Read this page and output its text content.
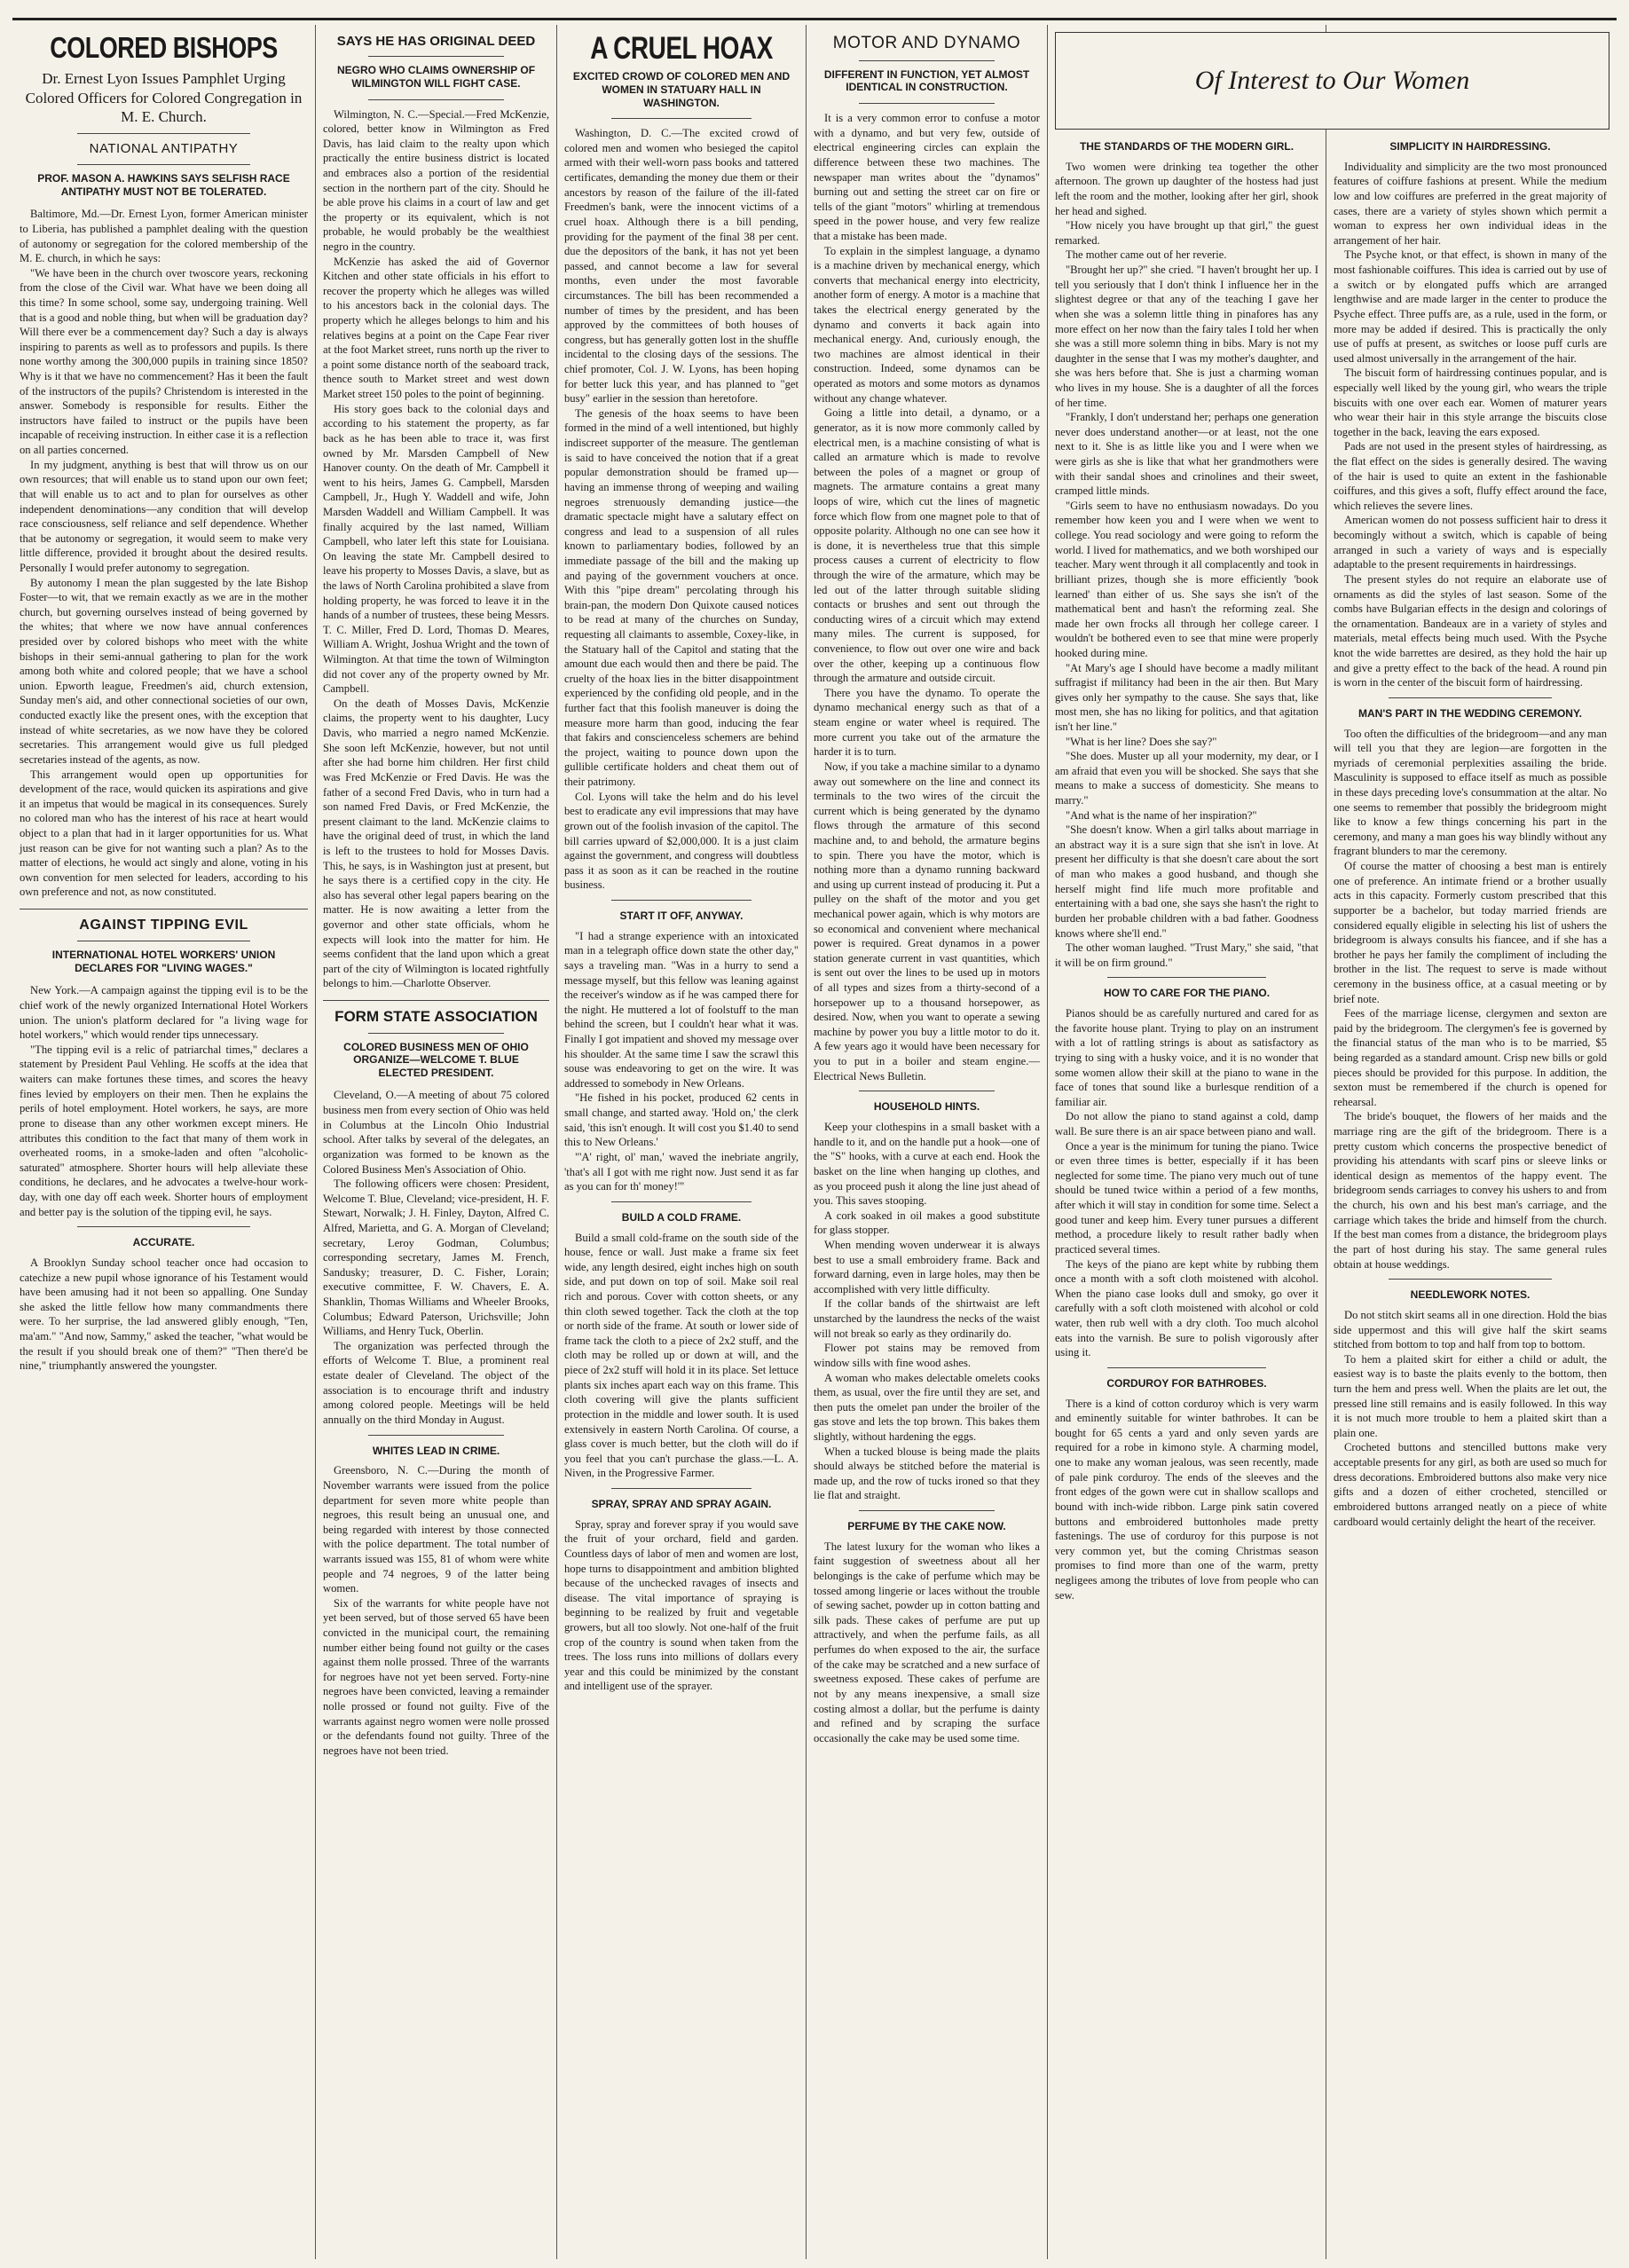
COLORED BISHOPS
Dr. Ernest Lyon Issues Pamphlet Urging Colored Officers for Colored Congregation in M. E. Church.
NATIONAL ANTIPATHY
PROF. MASON A. HAWKINS SAYS SELFISH RACE ANTIPATHY MUST NOT BE TOLERATED.

Baltimore, Md.—Dr. Ernest Lyon, former American minister to Liberia, has published a pamphlet dealing with the question of autonomy or segregation for the colored membership of the M. E. church, in which he says:

"We have been in the church over twoscore years, reckoning from the close of the Civil war. What have we been doing all this time? In some school, some say, undergoing training. Well that is a good and noble thing, but when will be graduation day? Will there ever be a commencement day? Such a day is always inspiring to parents as well as to professors and pupils. Is there none worthy among the 300,000 pupils in training since 1850? Why is it that we have no commencement? Has it been the fault of the instructors of the pupils? Christendom is interested in the answer. Somebody is responsible for results. Either the instructors have failed to instruct or the pupils have been incapable of receiving instruction. In either case it is a reflection on all parties concerned.

In my judgment, anything is best that will throw us on our own resources; that will enable us to stand upon our own feet; that will enable us to act and to plan for ourselves as other independent denominations—any condition that will develop race consciousness, self reliance and self dependence. Whether that be autonomy or segregation, it would seem to make very little difference, provided it brought about the desired results. Personally I would prefer autonomy to segregation.

By autonomy I mean the plan suggested by the late Bishop Foster—to wit, that we remain exactly as we are in the mother church, but governing ourselves instead of being governed by the whites; that where we now have annual conferences presided over by colored bishops who meet with the white bishops in their semi-annual gathering to plan for the work among both white and colored people; that we have a school union. Epworth league, Freedmen's aid, church extension, Sunday men's aid, and other connectional societies of our own, conducted exactly like the present ones, with the exception that instead of white secretaries, as we now have they be colored secretaries. This arrangement would give us full pledged secretaries instead of the agents, as now.

This arrangement would open up opportunities for development of the race, would quicken its aspirations and give it an impetus that would be magical in its consequences. Surely no colored man who has the interest of his race at heart would object to a plan that had in it larger opportunities for us. What just reason can be give for not wanting such a plan? As to the matter of elections, he would act singly and alone, voting in his own convention for men selected for leaders, according to his own preference and not, as now constituted.

AGAINST TIPPING EVIL
INTERNATIONAL HOTEL WORKERS' UNION DECLARES FOR "LIVING WAGES."

New York.—A campaign against the tipping evil is to be the chief work of the newly organized International Hotel Workers union. The union's platform declared for "a living wage for hotel workers," which would render tips unnecessary.

"The tipping evil is a relic of patriarchal times," declares a statement by President Paul Vehling. He scoffs at the idea that waiters can make fortunes these times, and scores the heavy fines levied by employers on their men. Then he explains the perils of hotel employment. Hotel workers, he says, are more prone to disease than any other workmen except miners. He attributes this condition to the fact that many of them work in overheated rooms, in a smoke-laden and often "alcoholic-saturated" atmosphere. Shorter hours will help alleviate these conditions, he declares, and he advocates a twelve-hour work-day, with one day off each week. Shorter hours of employment and better pay is the solution of the tipping evil, he says.

ACCURATE.

A Brooklyn Sunday school teacher once had occasion to catechize a new pupil whose ignorance of his Testament would have been amusing had it not been so appalling. One Sunday she asked the little fellow how many commandments there were. To her surprise, the lad answered glibly enough, "Ten, ma'am." "And now, Sammy," asked the teacher, "what would be the result if you should break one of them?" "Then there'd be nine," triumphantly answered the youngster.

SAYS HE HAS ORIGINAL DEED
NEGRO WHO CLAIMS OWNERSHIP OF WILMINGTON WILL FIGHT CASE.

Wilmington, N. C.—Special.—Fred McKenzie, colored, better know in Wilmington as Fred Davis, has laid claim to the realty upon which practically the entire business district is located and embraces also a portion of the residential section in the northern part of the city. Should he be able prove his claims in a court of law and get the property or its equivalent, which is not probable, he would probably be the wealthiest negro in the country.

McKenzie has asked the aid of Governor Kitchen and other state officials in his effort to recover the property which he alleges was willed to his ancestors back in the colonial days. The property which he alleges belongs to him and his relatives begins at a point on the Cape Fear river at the foot Market street, runs north up the river to a point some distance north of the seaboard track, thence south to Market street and west down Market street 150 poles to the point of beginning.

His story goes back to the colonial days and according to his statement the property, as far back as he has been able to trace it, was first owned by Mr. Marsden Campbell of New Hanover county. On the death of Mr. Campbell it went to his heirs, James G. Campbell, Marsden Campbell, Jr., Hugh Y. Waddell and wife, John Marsden Waddell and William Campbell. It was finally acquired by the last named, William Campbell, who later left this state for Louisiana. On leaving the state Mr. Campbell desired to leave his property to Mosses Davis, a slave, but as the laws of North Carolina prohibited a slave from holding property, he was forced to leave it in the hands of a number of trustees, these being Messrs. T. C. Miller, Fred D. Lord, Thomas D. Meares, William A. Wright, Joshua Wright and the town of Wilmington. At that time the town of Wilmington did not cover any of the property owned by Mr. Campbell.

On the death of Mosses Davis, McKenzie claims, the property went to his daughter, Lucy Davis, who married a negro named McKenzie. She soon left McKenzie, however, but not until after she had borne him children. Her first child was Fred McKenzie or Fred Davis. He was the father of a second Fred Davis, who in turn had a son named Fred Davis, or Fred McKenzie, the present claimant to the land. McKenzie claims to have the original deed of trust, in which the land is left to the trustees to hold for Mosses Davis. This, he says, is in Washington just at present, but he says there is a certified copy in the city. He also has several other legal papers bearing on the matter. He is now awaiting a letter from the governor and other state officials, whom he expects will look into the matter for him. He seems confident that the land upon which a great part of the city of Wilmington is located rightfully belongs to him.—Charlotte Observer.

FORM STATE ASSOCIATION
COLORED BUSINESS MEN OF OHIO ORGANIZE—WELCOME T. BLUE ELECTED PRESIDENT.

Cleveland, O.—A meeting of about 75 colored business men from every section of Ohio was held in Columbus at the Lincoln Ohio Industrial school. After talks by several of the delegates, an organization was formed to be known as the Colored Business Men's Association of Ohio.

The following officers were chosen: President, Welcome T. Blue, Cleveland; vice-president, H. F. Stewart, Norwalk; J. H. Finley, Dayton, Alfred C. Alfred, Marietta, and G. A. Morgan of Cleveland; secretary, Leroy Godman, Columbus; corresponding secretary, James M. French, Sandusky; treasurer, D. C. Fisher, Lorain; executive committee, F. W. Chavers, E. A. Shanklin, Thomas Williams and Wheeler Brooks, Columbus; Edward Paterson, Urichsville; John Williams, and Henry Tuck, Oberlin.

The organization was perfected through the efforts of Welcome T. Blue, a prominent real estate dealer of Cleveland. The object of the association is to encourage thrift and industry among colored people. Meetings will be held annually on the third Monday in August.

WHITES LEAD IN CRIME.

Greensboro, N. C.—During the month of November warrants were issued from the police department for seven more white people than negroes, this result being an unusual one, and being regarded with interest by those connected with the police department. The total number of warrants issued was 155, 81 of whom were white people and 74 negroes, 9 of the latter being women.

Six of the warrants for white people have not yet been served, but of those served 65 have been convicted in the municipal court, the remaining number either being found not guilty or the cases against them nolle prossed. Three of the warrants for negroes have not yet been served. Forty-nine negroes have been convicted, leaving a remainder nolle prossed or found not guilty. Five of the warrants against negro women were nolle prossed or the defendants found not guilty. Three of the negroes have not been tried.

A CRUEL HOAX
EXCITED CROWD OF COLORED MEN AND WOMEN IN STATUARY HALL IN WASHINGTON.

Washington, D. C.—The excited crowd of colored men and women who besieged the capitol armed with their well-worn pass books and tattered certificates, demanding the money due them or their ancestors by reason of the failure of the ill-fated Freedmen's bank, were the innocent victims of a cruel hoax. Although there is a bill pending, providing for the payment of the final 38 per cent. due the depositors of the bank, it has not yet been passed, and cannot become a law for several months, even under the most favorable circumstances. The bill has been recommended a number of times by the president, and has been approved by the committees of both houses of congress, but has generally gotten lost in the shuffle incidental to the closing days of the sessions. The chief promoter, Col. J. W. Lyons, has been hoping for better luck this year, and has planned to "get busy" earlier in the session than heretofore.

The genesis of the hoax seems to have been formed in the mind of a well intentioned, but highly indiscreet supporter of the measure. The gentleman is said to have conceived the notion that if a great popular demonstration should be framed up—having an immense throng of weeping and wailing negroes strenuously demanding justice—the dramatic spectacle might have a salutary effect on congress and lead to a suspension of all rules known to parliamentary bodies, followed by an immediate passage of the bill and the making up and paying of the government vouchers at once. With this "pipe dream" percolating through his brain-pan, the modern Don Quixote caused notices to be read at many of the churches on Sunday, requesting all claimants to assemble, Coxey-like, in the Statuary hall of the Capitol and stating that the amount due each would then and there be paid. The cruelty of the hoax lies in the bitter disappointment experienced by the confiding old people, and in the further fact that this foolish maneuver is doing the measure more harm than good, inducing the fear that fakirs and conscienceless schemers are behind the project, waiting to pounce down upon the gullible certificate holders and cheat them out of their patrimony.

Col. Lyons will take the helm and do his level best to eradicate any evil impressions that may have grown out of the foolish invasion of the capitol. The bill carries upward of $2,000,000. It is a just claim against the government, and congress will doubtless pass it as soon as it can be reached in the routine business.

START IT OFF, ANYWAY.

"I had a strange experience with an intoxicated man in a telegraph office down state the other day," says a traveling man. "Was in a hurry to send a message myself, but this fellow was leaning against the receiver's window as if he was camped there for the night. He muttered a lot of foolstuff to the man behind the screen, but I couldn't hear what it was. Finally I got impatient and shoved my message over his shoulder. At the same time I saw the scrawl this souse was endeavoring to get on the wire. It was addressed to somebody in New Orleans.

"He fished in his pocket, produced 62 cents in small change, and started away. 'Hold on,' the clerk said, 'this isn't enough. It will cost you $1.40 to send this to New Orleans.'

"'A' right, ol' man,' waved the inebriate angrily, 'that's all I got with me right now. Just send it as far as you can for th' money!'"

BUILD A COLD FRAME.

Build a small cold-frame on the south side of the house, fence or wall. Just make a frame six feet wide, any length desired, eight inches high on south side, and put down on top of soil. Make soil real rich and porous. Cover with cotton sheets, or any thin cloth sewed together. Tack the cloth at the top or north side of the frame. At south or lower side of frame tack the cloth to a piece of 2x2 stuff, and the cloth may be rolled up or down at will, and the piece of 2x2 stuff will hold it in its place. Set lettuce plants six inches apart each way on this frame. This cloth covering will give the plants sufficient protection in the middle and lower south. It is used extensively in eastern North Carolina. Of course, a glass cover is much better, but the cloth will do if you feel that you can't purchase the glass.—L. A. Niven, in the Progressive Farmer.

SPRAY, SPRAY AND SPRAY AGAIN.

Spray, spray and forever spray if you would save the fruit of your orchard, field and garden. Countless days of labor of men and women are lost, hope turns to disappointment and ambition blighted because of the unchecked ravages of insects and disease. The vital importance of spraying is beginning to be realized by fruit and vegetable growers, but all too slowly. Not one-half of the fruit crop of the country is sound when taken from the trees. The loss runs into millions of dollars every year and this could be minimized by the constant and intelligent use of the sprayer.

MOTOR AND DYNAMO
DIFFERENT IN FUNCTION, YET ALMOST IDENTICAL IN CONSTRUCTION.

It is a very common error to confuse a motor with a dynamo, and but very few, outside of electrical engineering circles can explain the difference between these two machines. The newspaper man writes about the "dynamos" burning out and setting the street car on fire or tells of the giant "motors" whirling at tremendous speed in the power house, and very few realize that a mistake has been made.

To explain in the simplest language, a dynamo is a machine driven by mechanical energy, which converts that mechanical energy into electricity, another form of energy. A motor is a machine that takes the electrical energy generated by the dynamo and converts it back again into mechanical energy. And, curiously enough, the two machines are almost identical in their construction. Indeed, some dynamos can be operated as motors and some motors as dynamos without any change whatever.

Going a little into detail, a dynamo, or a generator, as it is now more commonly called by electrical men, is a machine consisting of what is called an armature which is made to revolve between the poles of a magnet or group of magnets. The armature contains a great many loops of wire, which cut the lines of magnetic force which flow from one magnet pole to that of opposite polarity. Although no one can see how it is done, it is nevertheless true that this simple process causes a current of electricity to flow through the wire of the armature, which may be led out of the latter through suitable sliding contacts or brushes and sent out through the conducting wires of a circuit which may extend many miles. The current is supposed, for convenience, to flow out over one wire and back over the other, keeping up a continuous flow through the armature and outside circuit.

There you have the dynamo. To operate the dynamo mechanical energy such as that of a steam engine or water wheel is required. The more current you take out of the armature the harder it is to turn.

Now, if you take a machine similar to a dynamo away out somewhere on the line and connect its terminals to the two wires of the circuit the current which is being generated by the dynamo flows through the armature of this second machine and, to and behold, the armature begins to spin. There you have the motor, which is nothing more than a dynamo running backward and using up current instead of producing it. Put a pulley on the shaft of the motor and you get mechanical power again, which is why motors are so economical and convenient where mechanical power is required. Great dynamos in a power station generate current in vast quantities, which is sent out over the lines to be used up in motors of all types and sizes from a thirty-second of a horsepower up to a thousand horsepower, as desired. Now, when you want to operate a sewing machine by power you buy a little motor to do it. A few years ago it would have been necessary for you to put in a boiler and steam engine.—Electrical News Bulletin.

HOUSEHOLD HINTS.

Keep your clothespins in a small basket with a handle to it, and on the handle put a hook—one of the "S" hooks, with a curve at each end. Hook the basket on the line when hanging up clothes, and as you proceed push it along the line just ahead of you. This saves stooping.

A cork soaked in oil makes a good substitute for glass stopper.

When mending woven underwear it is always best to use a small embroidery frame. Back and forward darning, even in large holes, may then be accomplished with very little difficulty.

If the collar bands of the shirtwaist are left unstarched by the laundress the necks of the waist will not break so early as they ordinarily do.

Flower pot stains may be removed from window sills with fine wood ashes.

A woman who makes delectable omelets cooks them, as usual, over the fire until they are set, and then puts the omelet pan under the broiler of the gas stove and lets the top brown. This bakes them slightly, without hardening the eggs.

When a tucked blouse is being made the plaits should always be stitched before the material is made up, and the row of tucks ironed so that they lie flat and straight.

PERFUME BY THE CAKE NOW.

The latest luxury for the woman who likes a faint suggestion of sweetness about all her belongings is the cake of perfume which may be tossed among lingerie or laces without the trouble of sewing sachet, powder up in cotton batting and silk pads. These cakes of perfume are put up attractively, and when the perfume fails, as all perfumes do when exposed to the air, the surface of the cake may be scratched and a new surface of sweetness exposed. These cakes of perfume are not by any means inexpensive, a small size costing almost a dollar, but the perfume is dainty and refined and by scraping the surface occasionally the cake may be used some time.

THE STANDARDS OF THE MODERN GIRL.

Two women were drinking tea together the other afternoon. The grown up daughter of the hostess had just left the room and the mother, looking after her girl, shook her head and sighed.

"How nicely you have brought up that girl," the guest remarked.

The mother came out of her reverie.

"Brought her up?" she cried. "I haven't brought her up. I tell you seriously that I don't think I influence her in the slightest degree or that any of the teaching I gave her when she was a solemn little thing in pinafores has any more effect on her now than the fairy tales I told her when she was a still more solemn thing in bibs. Mary is not my daughter in the sense that I was my mother's daughter, and she was hers before that. She is just a charming woman who lives in my house. She is a daughter of all the forces of her time.

"Frankly, I don't understand her; perhaps one generation never does understand another—or at least, not the one next to it. She is as little like you and I were when we were girls as she is like that what her grandmothers were with their sandal shoes and crinolines and their sweet, cramped little minds.

"Girls seem to have no enthusiasm nowadays. Do you remember how keen you and I were when we went to college. You read sociology and were going to reform the world. I lived for mathematics, and we both worshiped our teacher. Mary went through it all complacently and took in brilliant prizes, though she is more efficiently 'book learned' than either of us. She says she isn't of the mathematical bent and hasn't the reforming zeal. She made her own frocks all through her college career. I wouldn't be bothered even to see that mine were properly hooked during mine.

"At Mary's age I should have become a madly militant suffragist if militancy had been in the air then. But Mary gives only her sympathy to the cause. She says that, like most men, she has no liking for politics, and that agitation isn't her line."

"What is her line? Does she say?"

"She does. Muster up all your modernity, my dear, or I am afraid that even you will be shocked. She says that she means to make a success of domesticity. She means to marry."

"And what is the name of her inspiration?"

"She doesn't know. When a girl talks about marriage in an abstract way it is a sure sign that she isn't in love. At present her difficulty is that she doesn't care about the sort of man who makes a good husband, and though she herself might find life much more profitable and entertaining with a bad one, she says she hasn't the right to burden her probable children with a bad father. Goodness knows where she'll end."

The other woman laughed. "Trust Mary," she said, "that it will be on firm ground."

HOW TO CARE FOR THE PIANO.

Pianos should be as carefully nurtured and cared for as the favorite house plant. Trying to play on an instrument with a lot of rattling strings is about as satisfactory as trying to sing with a husky voice, and it is no wonder that some women allow their skill at the piano to wane in the face of tones that sound like a burlesque rendition of a familiar air.

Do not allow the piano to stand against a cold, damp wall. Be sure there is an air space between piano and wall.

Once a year is the minimum for tuning the piano. Twice or even three times is better, especially if it has been neglected for some time. The piano very much out of tune should be tuned twice within a period of a few months, after which it will stay in condition for some time. Select a good tuner and keep him. Every tuner pursues a different method, a procedure likely to result rather badly when practiced several times.

The keys of the piano are kept white by rubbing them once a month with a soft cloth moistened with alcohol. When the piano case looks dull and smoky, go over it carefully with a soft cloth moistened with alcohol or cold water, then rub well with a dry cloth. Too much alcohol eats into the varnish. Be sure to polish vigorously after using it.

CORDUROY FOR BATHROBES.

There is a kind of cotton corduroy which is very warm and eminently suitable for winter bathrobes. It can be bought for 65 cents a yard and only seven yards are required for a robe in kimono style. A charming model, one to make any woman jealous, was seen recently, made of pale pink corduroy. The ends of the sleeves and the front edges of the gown were cut in shallow scallops and bound with inch-wide ribbon. Large pink satin covered buttons and embroidered buttonholes made pretty fastenings. The use of corduroy for this purpose is not very common yet, but the coming Christmas season promises to find more than one of the warm, pretty negligees among the tributes of love from people who can sew.

SIMPLICITY IN HAIRDRESSING.

Individuality and simplicity are the two most pronounced features of coiffure fashions at present. While the medium low and low coiffures are preferred in the great majority of cases, there are a variety of styles shown which permit a woman to express her own individual ideas in the arrangement of her hair.

The Psyche knot, or that effect, is shown in many of the most fashionable coiffures. This idea is carried out by use of a switch or by elongated puffs which are arranged lengthwise and are made larger in the center to produce the Psyche effect. Three puffs are, as a rule, used in the form, or more may be added if desired. This is practically the only use of puffs at present, as switches or loose puff curls are used almost universally in the arrangement of the hair.

The biscuit form of hairdressing continues popular, and is especially well liked by the young girl, who wears the triple biscuits with one over each ear. Women of maturer years who wear their hair in this style arrange the biscuits close together in the back, leaving the ears exposed.

Pads are not used in the present styles of hairdressing, as the flat effect on the sides is generally desired. The waving of the hair is used to quite an extent in the fashionable coiffures, and this gives a soft, fluffy effect around the face, which relieves the severe lines.

American women do not possess sufficient hair to dress it becomingly without a switch, which is capable of being arranged in such a variety of ways and is especially adaptable to the present requirements in hairdressings.

The present styles do not require an elaborate use of ornaments as did the styles of last season. Some of the combs have Bulgarian effects in the design and colorings of the ornamentation. Bandeaux are in a variety of styles and materials, metal effects being much used. With the Psyche knot the wide barrettes are desired, as they hold the hair up and give a pretty effect to the back of the head. A round pin is worn in the center of the biscuit form of hairdressing.

MAN'S PART IN THE WEDDING CEREMONY.

Too often the difficulties of the bridegroom—and any man will tell you that they are legion—are forgotten in the myriads of ceremonial perplexities assailing the bride. Masculinity is supposed to efface itself as much as possible in these days preceding love's consummation at the altar. No one seems to remember that possibly the bridegroom might like to know a few things concerning his part in the ceremony, and many a man goes his way blindly without any fragrant blunders to mar the ceremony.

Of course the matter of choosing a best man is entirely one of preference. An intimate friend or a brother usually acts in this capacity. Formerly custom prescribed that this supporter be a bachelor, but today married friends are considered equally eligible in selecting his list of ushers the bridegroom is always consults his fiancee, and if she has a brother he pays her family the compliment of including the brother in the list. The request to serve is made without ceremony in the business office, at a casual meeting or by brief note.

Fees of the marriage license, clergymen and sexton are paid by the bridegroom. The clergymen's fee is governed by the financial status of the man who is to be married, $5 being regarded as a standard amount. Crisp new bills or gold pieces should be provided for this purpose. In addition, the sexton must be remembered if the church is opened for rehearsal.

The bride's bouquet, the flowers of her maids and the marriage ring are the gift of the bridegroom. There is a pretty custom which concerns the prospective benedict of providing his attendants with scarf pins or sleeve links or identical design as mementos of the happy event. The bridegroom sends carriages to convey his ushers to and from the church, his own and his best man's carriage, and the carriage which takes the bride and himself from the church. If the best man comes from a distance, the bridegroom plays the part of host during his stay. The same general rules obtain at house weddings.

NEEDLEWORK NOTES.

Do not stitch skirt seams all in one direction. Hold the bias side uppermost and this will give half the skirt seams stitched from bottom to top and half from top to bottom.

To hem a plaited skirt for either a child or adult, the easiest way is to baste the plaits evenly to the bottom, then turn the hem and press well. When the plaits are let out, the pressed line still remains and is easily followed. In this way it is not much more trouble to hem a plaited skirt than a plain one.

Crocheted buttons and stencilled buttons make very acceptable presents for any girl, as both are used so much for dress decorations. Embroidered buttons also make very nice gifts and a dozen of either crocheted, stencilled or embroidered buttons arranged neatly on a piece of white cardboard would certainly delight the heart of the receiver.

Of Interest to Our Women
